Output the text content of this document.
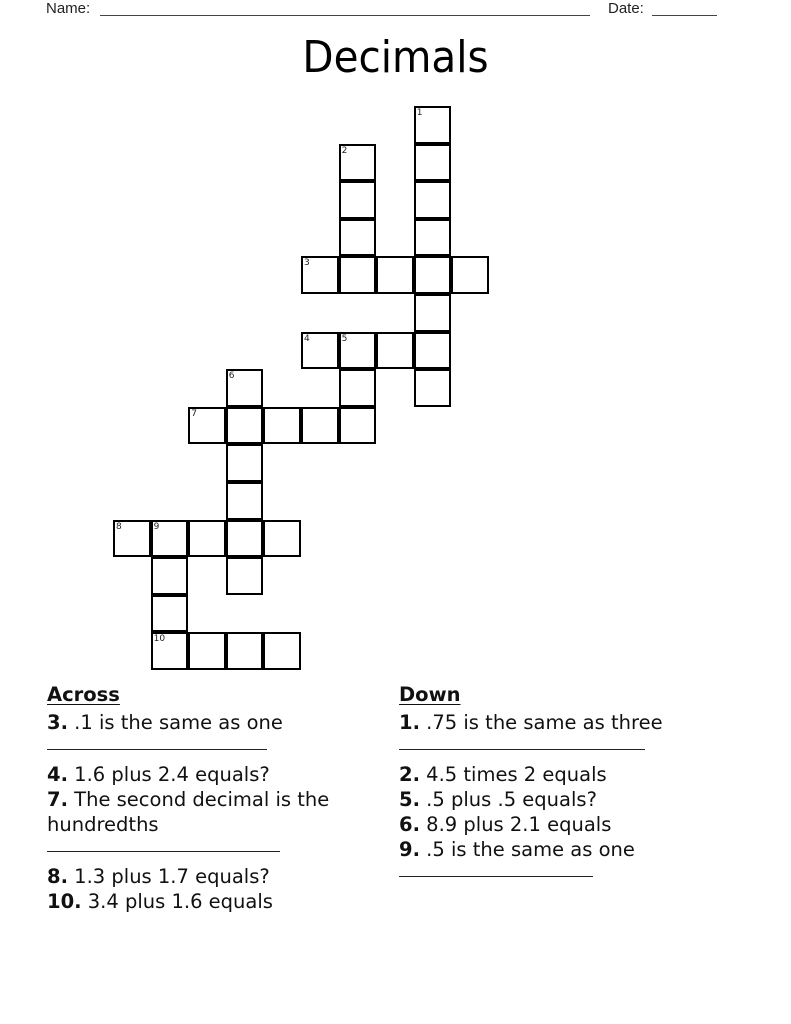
Name:	Date:
Decimals
1
2
3
4	5
6
7
8	9
10
Across
3. .1 is the same as one
4. 1.6 plus 2.4 equals?
7. The second decimal is the hundredths
8. 1.3 plus 1.7 equals?
10. 3.4 plus 1.6 equals
Down
1. .75 is the same as three
2. 4.5 times 2 equals
5. .5 plus .5 equals?
6. 8.9 plus 2.1 equals
9. .5 is the same as one
